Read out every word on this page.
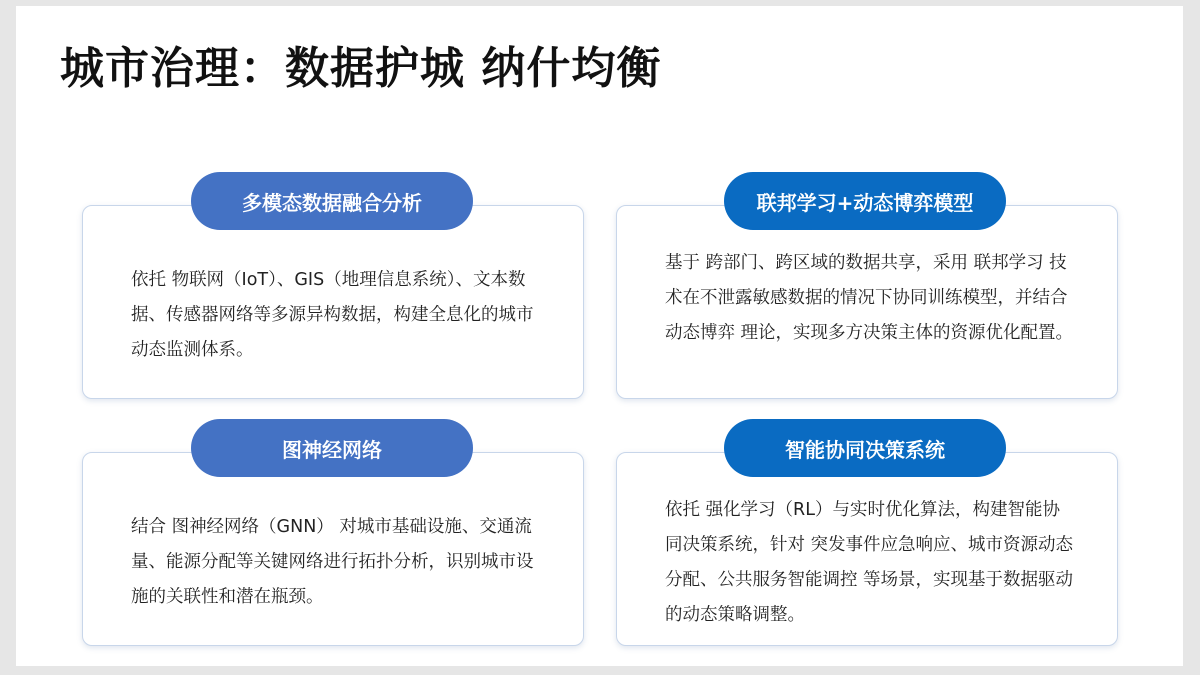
城市治理：数据护城 纳什均衡
依托 物联网（IoT）、GIS（地理信息系统）、文本数据、传感器网络等多源异构数据，构建全息化的城市动态监测体系。
多模态数据融合分析
基于 跨部门、跨区域的数据共享，采用 联邦学习 技术在不泄露敏感数据的情况下协同训练模型，并结合 动态博弈 理论，实现多方决策主体的资源优化配置。
联邦学习+动态博弈模型
结合 图神经网络（GNN） 对城市基础设施、交通流量、能源分配等关键网络进行拓扑分析，识别城市设施的关联性和潜在瓶颈。
图神经网络
依托 强化学习（RL）与实时优化算法，构建智能协同决策系统，针对 突发事件应急响应、城市资源动态分配、公共服务智能调控 等场景，实现基于数据驱动的动态策略调整。
智能协同决策系统
